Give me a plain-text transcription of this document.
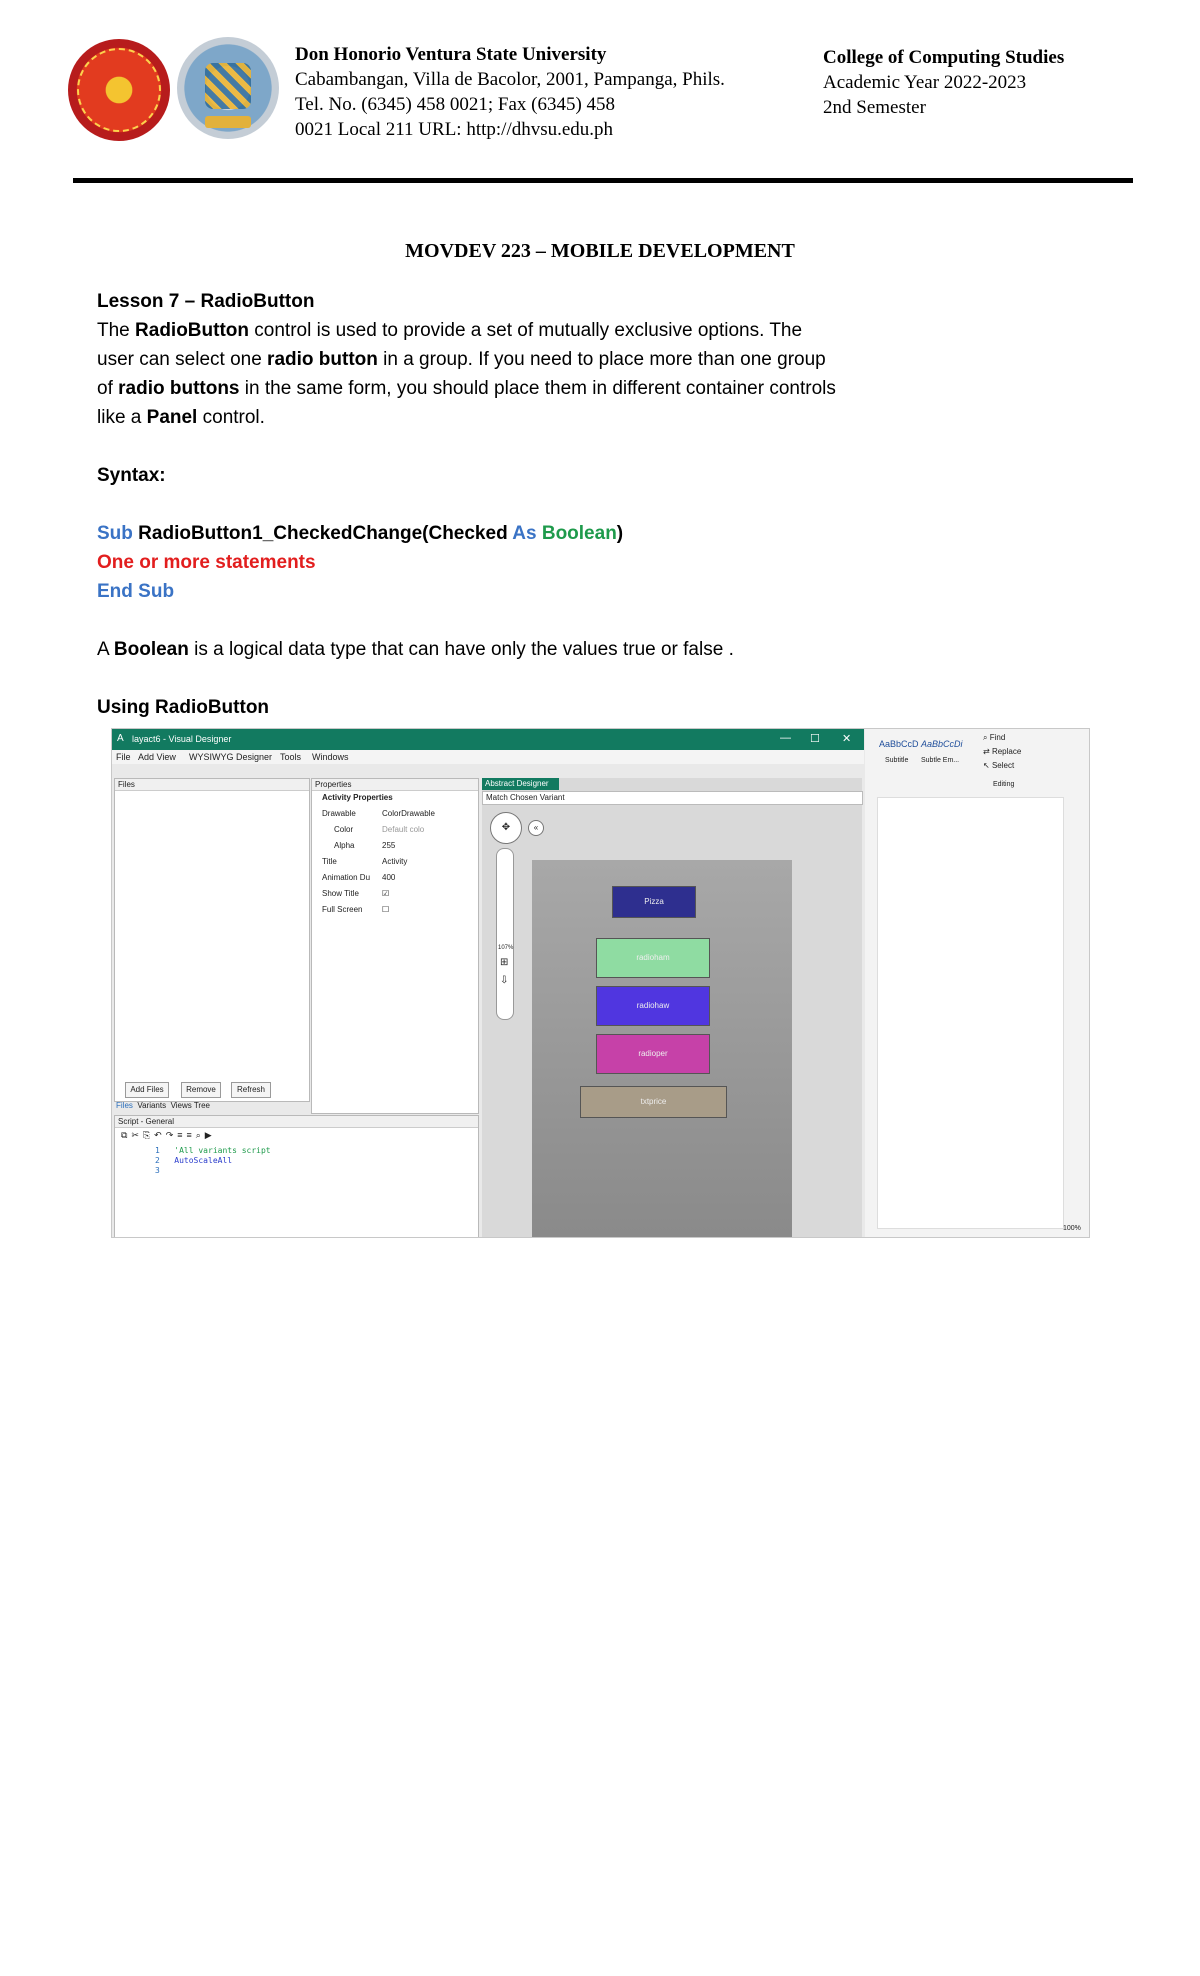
Don Honorio Ventura State University
Cabambangan, Villa de Bacolor, 2001, Pampanga, Phils.
Tel. No. (6345) 458 0021; Fax (6345) 458
0021 Local 211 URL: http://dhvsu.edu.ph
College of Computing Studies
Academic Year 2022-2023
2nd Semester
MOVDEV 223 – MOBILE DEVELOPMENT
Lesson 7 – RadioButton
The RadioButton control is used to provide a set of mutually exclusive options. The
user can select one radio button in a group. If you need to place more than one group
of radio buttons in the same form, you should place them in different container controls
like a Panel control.
Syntax:
Sub RadioButton1_CheckedChange(Checked As Boolean)
One or more statements
End Sub
A Boolean is a logical data type that can have only the values true or false .
Using RadioButton
A layact6 - Visual Designer	— ☐ ✕
File Add View WYSIWYG Designer Tools Windows
Files
Add Files	Remove	Refresh
Files Variants Views Tree
Properties
Activity Properties
Drawable	ColorDrawable
Color	Default colo
Alpha	255
Title	Activity
Animation Du 400
Show Title	☑
Full Screen ☐
Script - General
⧉✂⎘↶↷≡≡⌕▶
1 'All variants script
2 AutoScaleAll
3
Abstract Designer
Match Chosen Variant
✥	«
107%
⊞
⇩
Pizza
radioham
radiohaw
radioper
txtprice
AaBbCcD AaBbCcDi
Subtitle Subtle Em...
⌕ Find
⇄ Replace
↖ Select
Editing
100%
